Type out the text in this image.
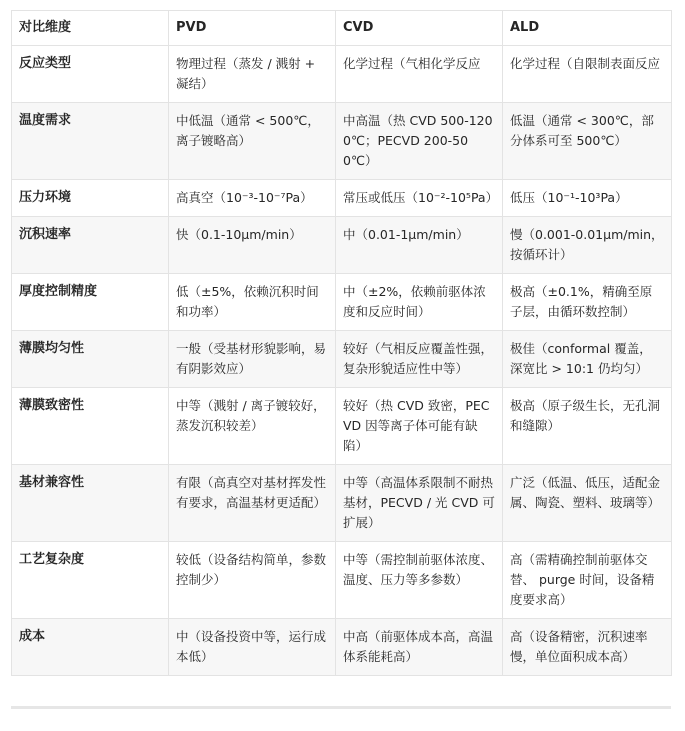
对比维度	PVD	CVD	ALD
反应类型	物理过程（蒸发 / 溅射 + 凝结）	化学过程（气相化学反应	化学过程（自限制表面反应
温度需求	中低温（通常 < 500℃，离子镀略高）	中高温（热 CVD 500-1200℃；PECVD 200-500℃）	低温（通常 < 300℃，部分体系可至 500℃）
压力环境	高真空（10⁻³-10⁻⁷Pa）	常压或低压（10⁻²-10⁵Pa）	低压（10⁻¹-10³Pa）
沉积速率	快（0.1-10μm/min）	中（0.01-1μm/min）	慢（0.001-0.01μm/min，按循环计）
厚度控制精度	低（±5%，依赖沉积时间和功率）	中（±2%，依赖前驱体浓度和反应时间）	极高（±0.1%，精确至原子层，由循环数控制）
薄膜均匀性	一般（受基材形貌影响，易有阴影效应）	较好（气相反应覆盖性强，复杂形貌适应性中等）	极佳（conformal 覆盖，深宽比 > 10:1 仍均匀）
薄膜致密性	中等（溅射 / 离子镀较好，蒸发沉积较差）	较好（热 CVD 致密，PECVD 因等离子体可能有缺陷）	极高（原子级生长，无孔洞和缝隙）
基材兼容性	有限（高真空对基材挥发性有要求，高温基材更适配）	中等（高温体系限制不耐热基材，PECVD / 光 CVD 可扩展）	广泛（低温、低压，适配金属、陶瓷、塑料、玻璃等）
工艺复杂度	较低（设备结构简单，参数控制少）	中等（需控制前驱体浓度、温度、压力等多参数）	高（需精确控制前驱体交替、 purge 时间，设备精度要求高）
成本	中（设备投资中等，运行成本低）	中高（前驱体成本高，高温体系能耗高）	高（设备精密，沉积速率慢，单位面积成本高）
